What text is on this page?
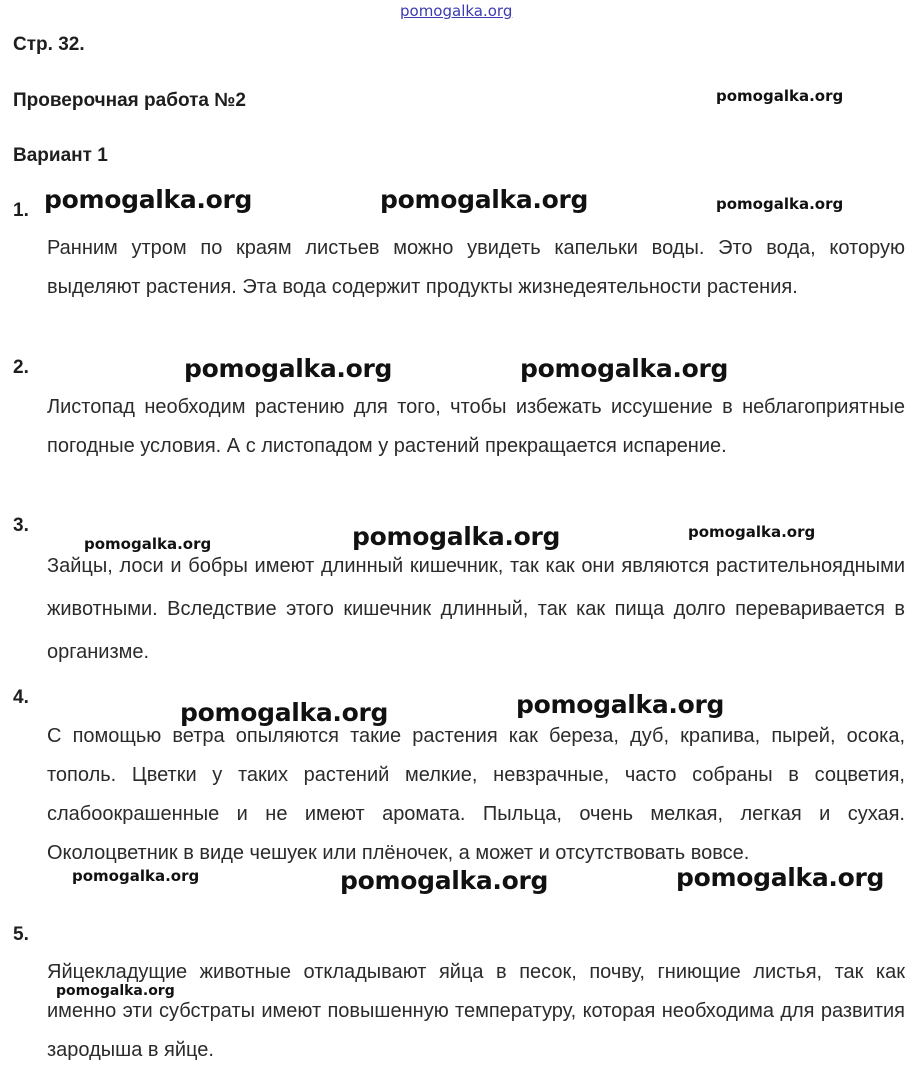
pomogalka.org
Стр. 32.
Проверочная работа №2
Вариант 1
1.
Ранним утром по краям листьев можно увидеть капельки воды. Это вода, которую выделяют растения. Эта вода содержит продукты жизнедеятельности растения.
2.
Листопад необходим растению для того, чтобы избежать иссушение в неблагоприятные погодные условия. А с листопадом у растений прекращается испарение.
3.
Зайцы, лоси и бобры имеют длинный кишечник, так как они являются растительноядными животными. Вследствие этого кишечник длинный, так как пища долго переваривается в организме.
4.
С помощью ветра опыляются такие растения как береза, дуб, крапива, пырей, осока, тополь. Цветки у таких растений мелкие, невзрачные, часто собраны в соцветия, слабоокрашенные и не имеют аромата. Пыльца, очень мелкая, легкая и сухая. Околоцветник в виде чешуек или плёночек, а может и отсутствовать вовсе.
5.
Яйцекладущие животные откладывают яйца в песок, почву, гниющие листья, так как именно эти субстраты имеют повышенную температуру, которая необходима для развития зародыша в яйце.
pomogalka.org
pomogalka.org	pomogalka.org	pomogalka.org
pomogalka.org	pomogalka.org
pomogalka.org	pomogalka.org	pomogalka.org
pomogalka.org	pomogalka.org
pomogalka.org	pomogalka.org	pomogalka.org
pomogalka.org
